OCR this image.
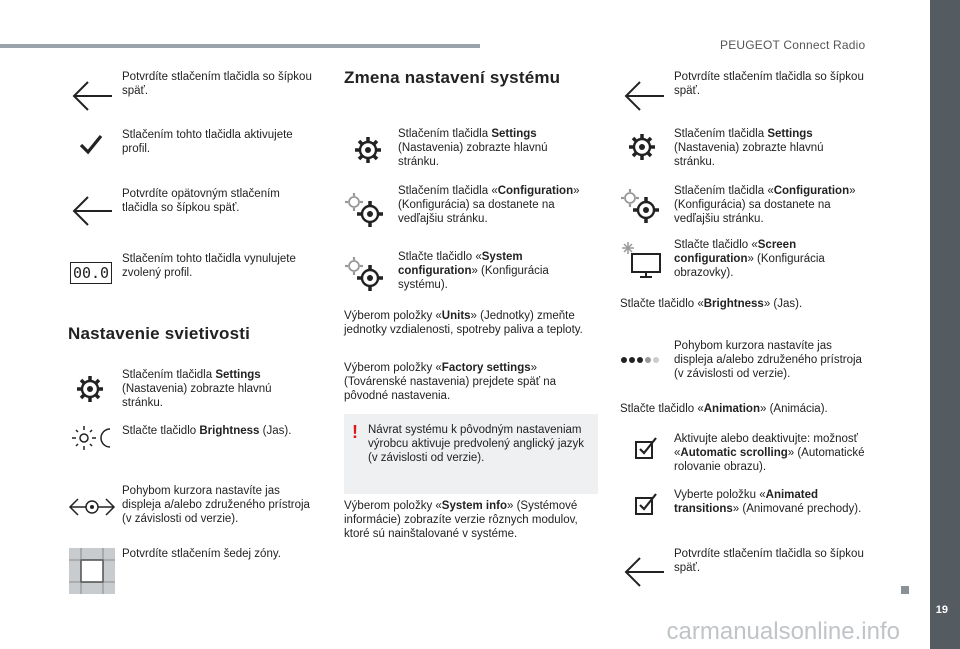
PEUGEOT Connect Radio
19
carmanualsonline.info
Potvrdíte stlačením tlačidla so šípkou späť.
Stlačením tohto tlačidla aktivujete profil.
Potvrdíte opätovným stlačením tlačidla so šípkou späť.
00.0
Stlačením tohto tlačidla vynulujete zvolený profil.
Nastavenie svietivosti
Stlačením tlačidla Settings (Nastavenia) zobrazte hlavnú stránku.
Stlačte tlačidlo Brightness (Jas).
Pohybom kurzora nastavíte jas displeja a/alebo združeného prístroja (v závislosti od verzie).
Potvrdíte stlačením šedej zóny.
Zmena nastavení systému
Stlačením tlačidla Settings (Nastavenia) zobrazte hlavnú stránku.
Stlačením tlačidla «Configuration» (Konfigurácia) sa dostanete na vedľajšiu stránku.
Stlačte tlačidlo «System configuration» (Konfigurácia systému).
Výberom položky «Units» (Jednotky) zmeňte jednotky vzdialenosti, spotreby paliva a teploty.
Výberom položky «Factory settings» (Továrenské nastavenia) prejdete späť na pôvodné nastavenia.
! Návrat systému k pôvodným nastaveniam výrobcu aktivuje predvolený anglický jazyk (v závislosti od verzie).
Výberom položky «System info» (Systémové informácie) zobrazíte verzie rôznych modulov, ktoré sú nainštalované v systéme.
Potvrdíte stlačením tlačidla so šípkou späť.
Stlačením tlačidla Settings (Nastavenia) zobrazte hlavnú stránku.
Stlačením tlačidla «Configuration» (Konfigurácia) sa dostanete na vedľajšiu stránku.
Stlačte tlačidlo «Screen configuration» (Konfigurácia obrazovky).
Stlačte tlačidlo «Brightness» (Jas).
Pohybom kurzora nastavíte jas displeja a/alebo združeného prístroja (v závislosti od verzie).
Stlačte tlačidlo «Animation» (Animácia).
Aktivujte alebo deaktivujte: možnosť «Automatic scrolling» (Automatické rolovanie obrazu).
Vyberte položku «Animated transitions» (Animované prechody).
Potvrdíte stlačením tlačidla so šípkou späť.
